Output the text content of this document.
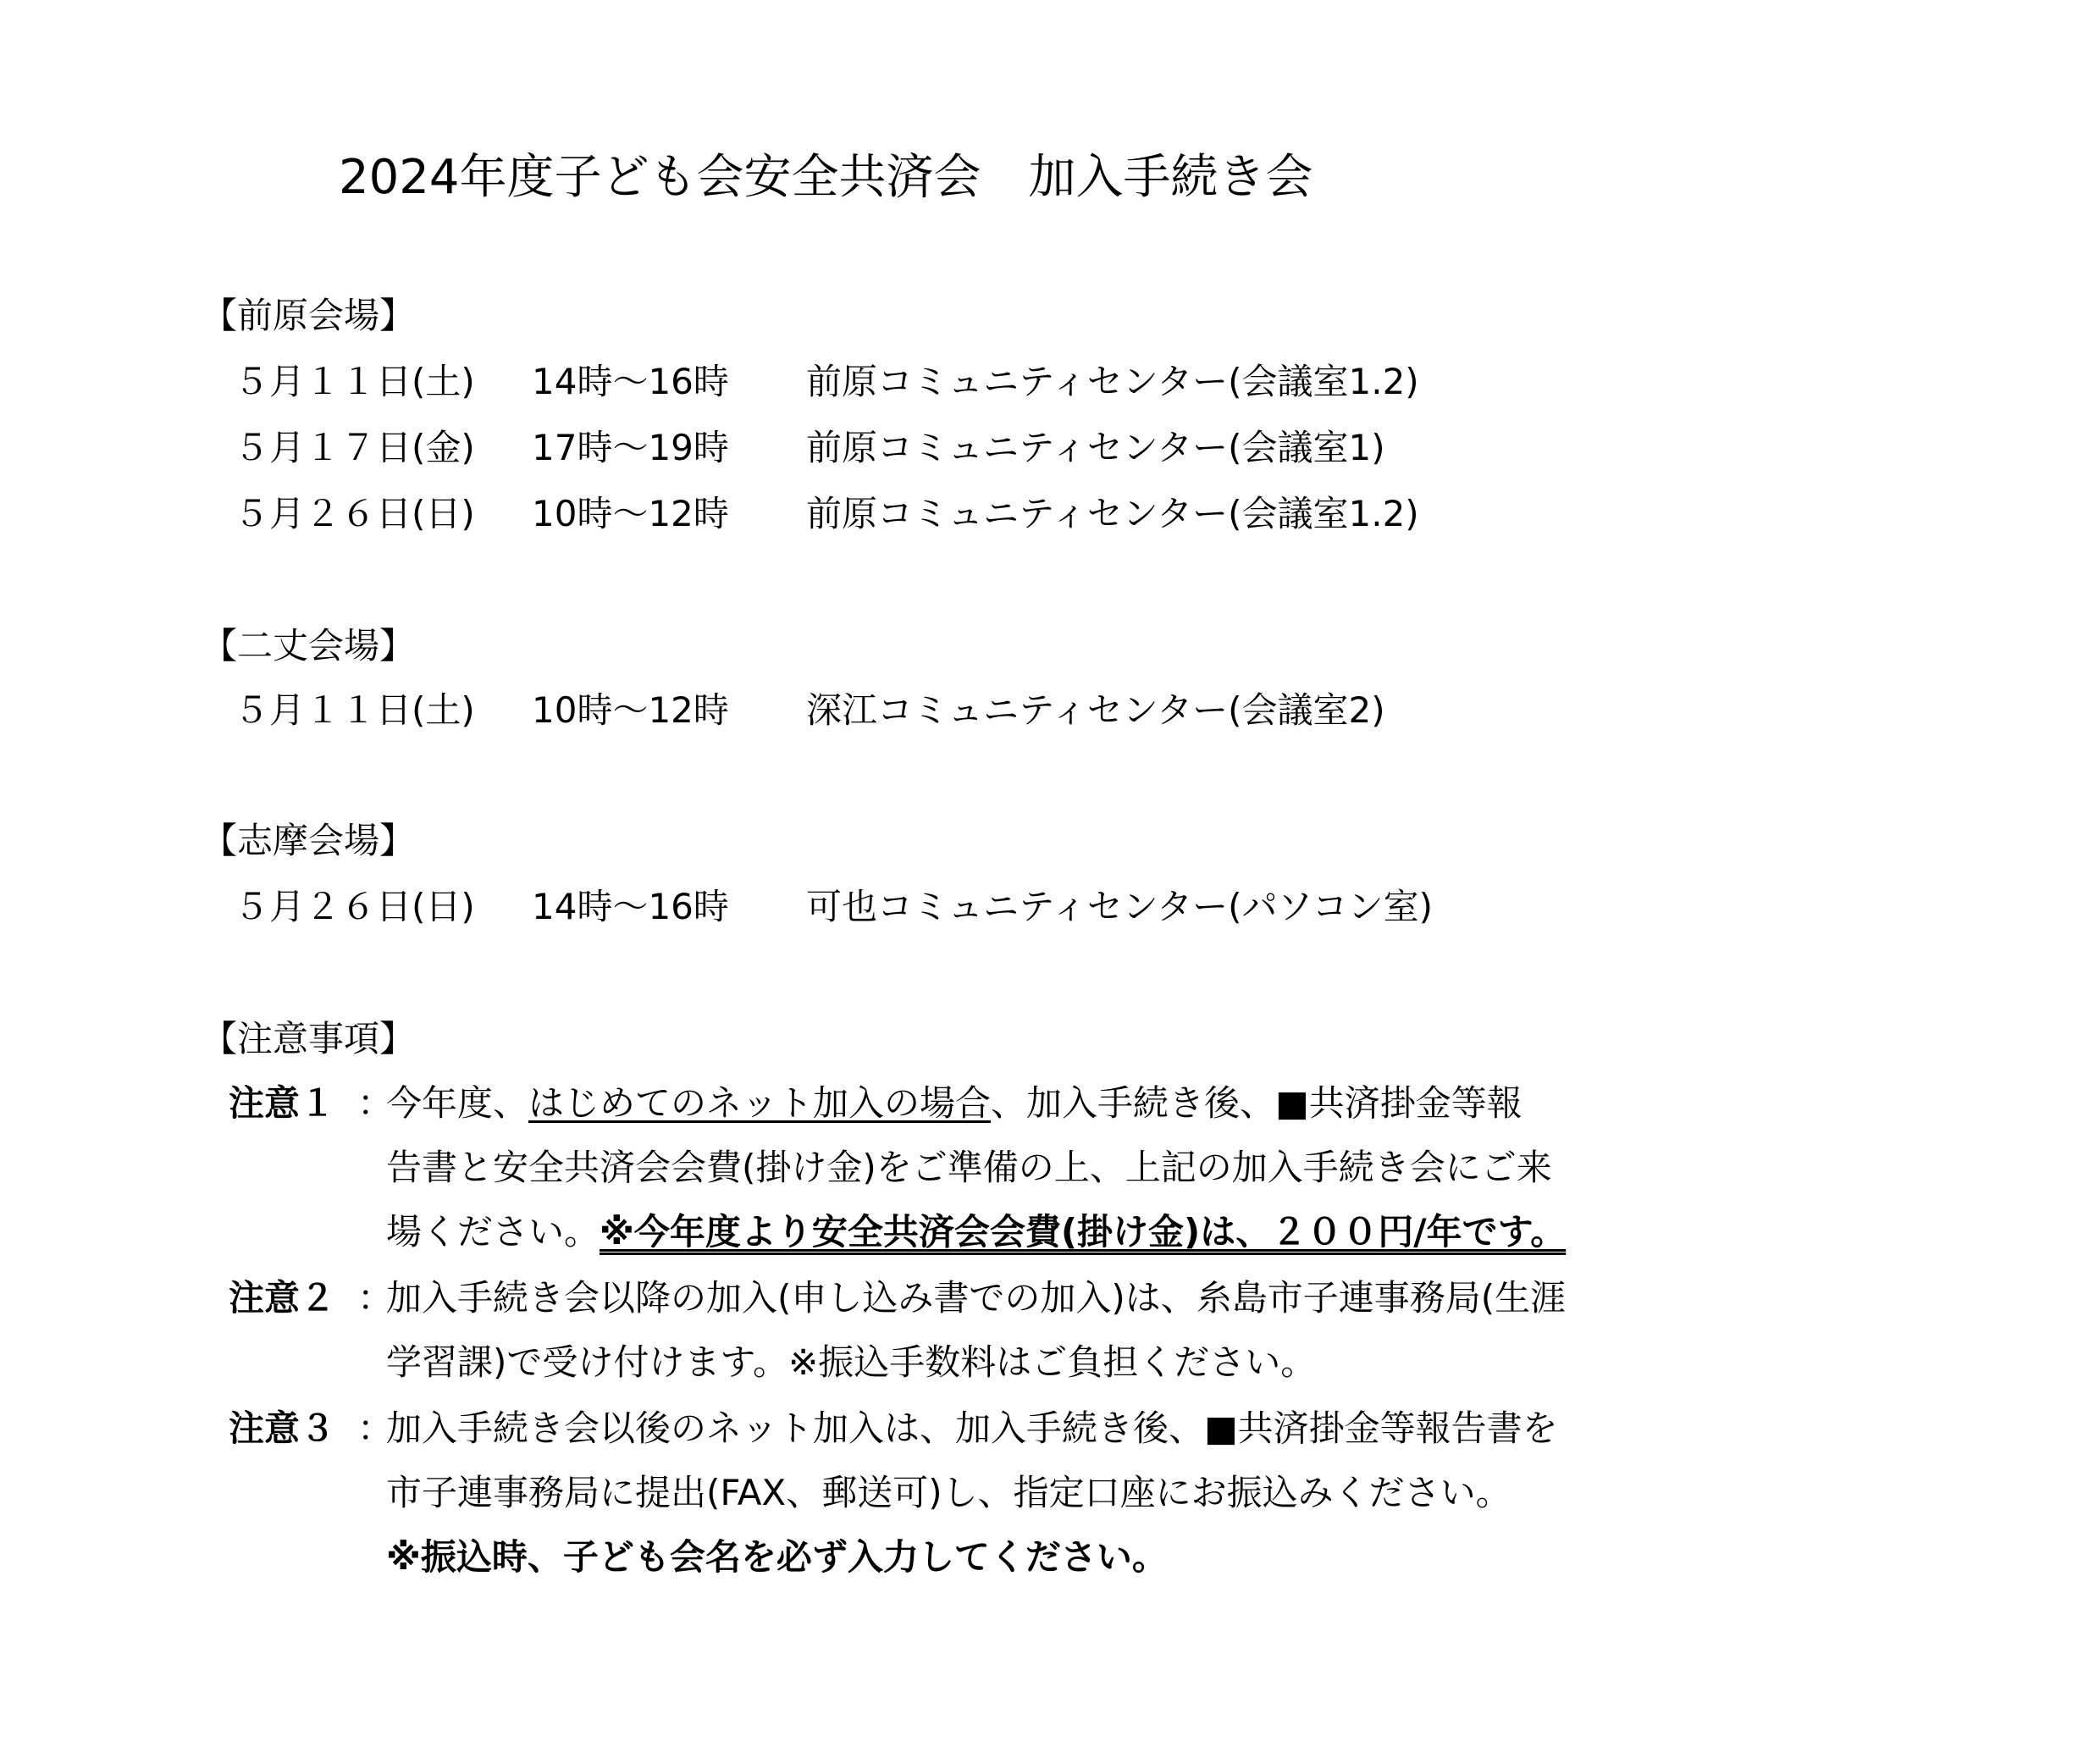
2024年度子ども会安全共済会　加入手続き会
【前原会場】
５月１１日(土) 14時～16時 前原コミュニティセンター(会議室1.2)
５月１７日(金) 17時～19時 前原コミュニティセンター(会議室1)
５月２６日(日) 10時～12時 前原コミュニティセンター(会議室1.2)
【二丈会場】
５月１１日(土) 10時～12時 深江コミュニティセンター(会議室2)
【志摩会場】
５月２６日(日) 14時～16時 可也コミュニティセンター(パソコン室)
【注意事項】
注意１ ：
今年度、はじめてのネット加入の場合、加入手続き後、■共済掛金等報
告書と安全共済会会費(掛け金)をご準備の上、上記の加入手続き会にご来
場ください。※今年度より安全共済会会費(掛け金)は、２００円/年です。
注意２ ：
加入手続き会以降の加入(申し込み書での加入)は、糸島市子連事務局(生涯
学習課)で受け付けます。※振込手数料はご負担ください。
注意３ ：
加入手続き会以後のネット加入は、加入手続き後、■共済掛金等報告書を
市子連事務局に提出(FAX、郵送可)し、指定口座にお振込みください。
※振込時、子ども会名を必ず入力してください。
